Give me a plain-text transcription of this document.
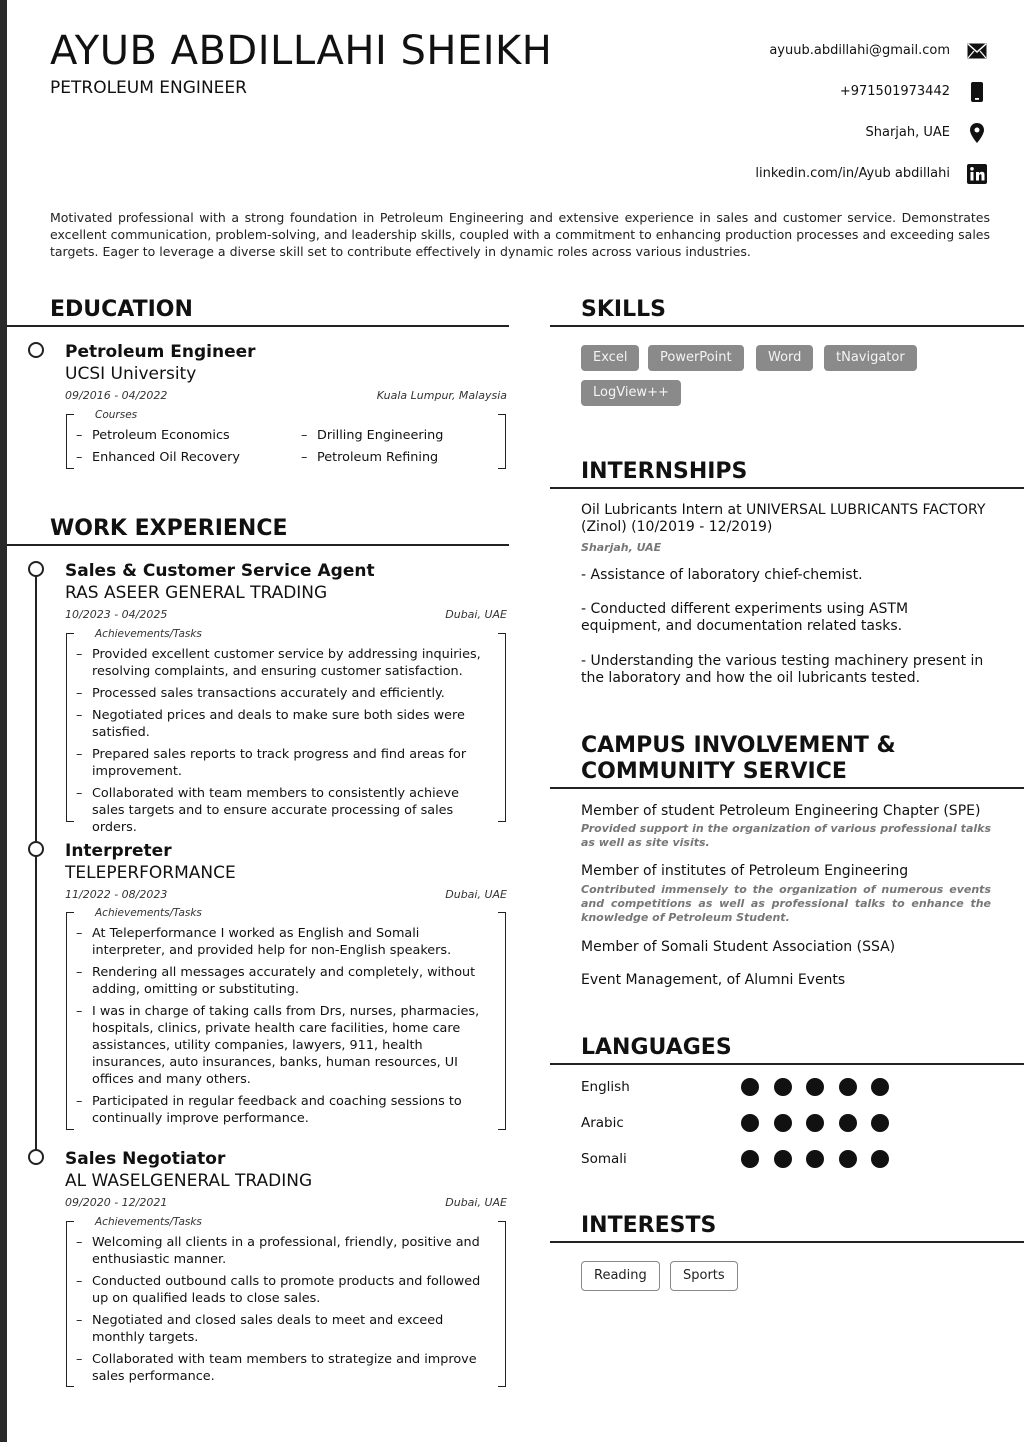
AYUB ABDILLAHI SHEIKH
PETROLEUM ENGINEER
ayuub.abdillahi@gmail.com
+971501973442
Sharjah, UAE
linkedin.com/in/Ayub abdillahi
Motivated professional with a strong foundation in Petroleum Engineering and extensive experience in sales and customer service. Demonstrates excellent communication, problem-solving, and leadership skills, coupled with a commitment to enhancing production processes and exceeding sales targets. Eager to leverage a diverse skill set to contribute effectively in dynamic roles across various industries.
EDUCATION
Petroleum Engineer
UCSI University
09/2016 - 04/2022	Kuala Lumpur, Malaysia
Courses
– Petroleum Economics	– Drilling Engineering
– Enhanced Oil Recovery	– Petroleum Refining
WORK EXPERIENCE
Sales & Customer Service Agent
RAS ASEER GENERAL TRADING
10/2023 - 04/2025	Dubai, UAE
Achievements/Tasks
– Provided excellent customer service by addressing inquiries, resolving complaints, and ensuring customer satisfaction.
– Processed sales transactions accurately and efficiently.
– Negotiated prices and deals to make sure both sides were satisfied.
– Prepared sales reports to track progress and find areas for improvement.
– Collaborated with team members to consistently achieve sales targets and to ensure accurate processing of sales orders.
Interpreter
TELEPERFORMANCE
11/2022 - 08/2023	Dubai, UAE
Achievements/Tasks
– At Teleperformance I worked as English and Somali interpreter, and provided help for non-English speakers.
– Rendering all messages accurately and completely, without adding, omitting or substituting.
– I was in charge of taking calls from Drs, nurses, pharmacies, hospitals, clinics, private health care facilities, home care assistances, utility companies, lawyers, 911, health insurances, auto insurances, banks, human resources, UI offices and many others.
– Participated in regular feedback and coaching sessions to continually improve performance.
Sales Negotiator
AL WASELGENERAL TRADING
09/2020 - 12/2021	Dubai, UAE
Achievements/Tasks
– Welcoming all clients in a professional, friendly, positive and enthusiastic manner.
– Conducted outbound calls to promote products and followed up on qualified leads to close sales.
– Negotiated and closed sales deals to meet and exceed monthly targets.
– Collaborated with team members to strategize and improve sales performance.
SKILLS
Excel	PowerPoint	Word	tNavigator
LogView++
INTERNSHIPS
Oil Lubricants Intern at UNIVERSAL LUBRICANTS FACTORY (Zinol) (10/2019 - 12/2019)
Sharjah, UAE
- Assistance of laboratory chief-chemist.
- Conducted different experiments using ASTM equipment, and documentation related tasks.
- Understanding the various testing machinery present in the laboratory and how the oil lubricants tested.
CAMPUS INVOLVEMENT &
COMMUNITY SERVICE
Member of student Petroleum Engineering Chapter (SPE)
Provided support in the organization of various professional talks as well as site visits.
Member of institutes of Petroleum Engineering
Contributed immensely to the organization of numerous events and competitions as well as professional talks to enhance the knowledge of Petroleum Student.
Member of Somali Student Association (SSA)
Event Management, of Alumni Events
LANGUAGES
English
Arabic
Somali
INTERESTS
Reading	Sports
